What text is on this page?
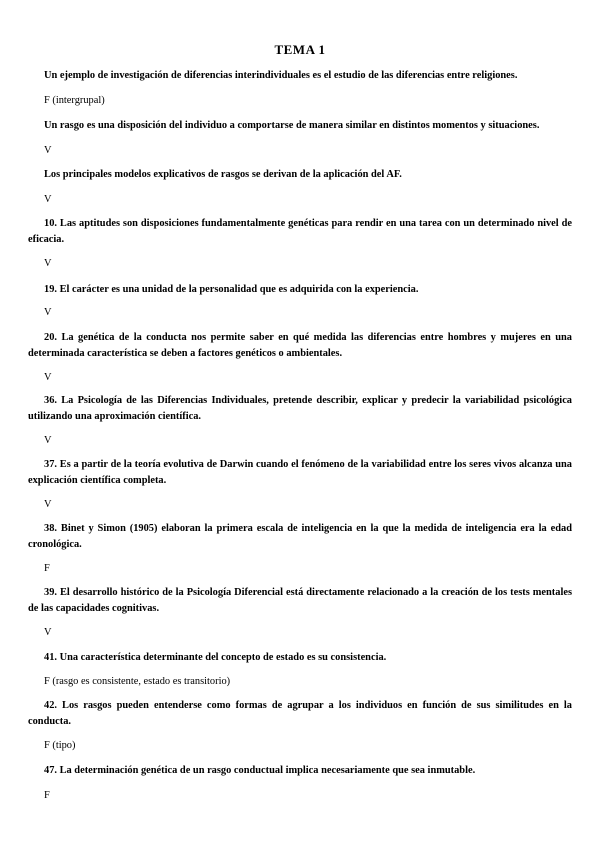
TEMA 1
Un ejemplo de investigación de diferencias interindividuales es el estudio de las diferencias entre religiones.
F (intergrupal)
Un rasgo es una disposición del individuo a comportarse de manera similar en distintos momentos y situaciones.
V
Los principales modelos explicativos de rasgos se derivan de la aplicación del AF.
V
10. Las aptitudes son disposiciones fundamentalmente genéticas para rendir en una tarea con un determinado nivel de eficacia.
V
19. El carácter es una unidad de la personalidad que es adquirida con la experiencia.
V
20. La genética de la conducta nos permite saber en qué medida las diferencias entre hombres y mujeres en una determinada característica se deben a factores genéticos o ambientales.
V
36. La Psicología de las Diferencias Individuales, pretende describir, explicar y predecir la variabilidad psicológica utilizando una aproximación científica.
V
37. Es a partir de la teoría evolutiva de Darwin cuando el fenómeno de la variabilidad entre los seres vivos alcanza una explicación científica completa.
V
38. Binet y Simon (1905) elaboran la primera escala de inteligencia en la que la medida de inteligencia era la edad cronológica.
F
39. El desarrollo histórico de la Psicología Diferencial está directamente relacionado a la creación de los tests mentales de las capacidades cognitivas.
V
41. Una característica determinante del concepto de estado es su consistencia.
F (rasgo es consistente, estado es transitorio)
42. Los rasgos pueden entenderse como formas de agrupar a los individuos en función de sus similitudes en la conducta.
F (tipo)
47. La determinación genética de un rasgo conductual implica necesariamente que sea inmutable.
F
